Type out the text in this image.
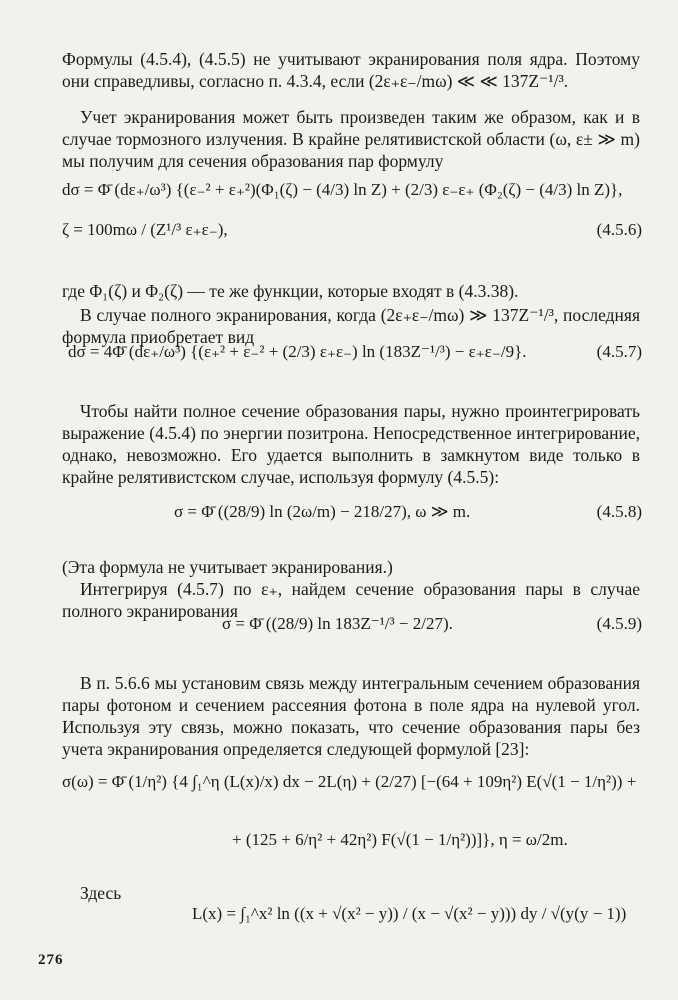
Формулы (4.5.4), (4.5.5) не учитывают экранирования поля ядра. Поэтому они справедливы, согласно п. 4.3.4, если (2ε₊ε₋/mω) ≪ ≪ 137Z⁻¹/³.

Учет экранирования может быть произведен таким же образом, как и в случае тормозного излучения. В крайне релятивистской области (ω, ε± ≫ m) мы получим для сечения образования пар формулу

dσ = Φ̄ (dε₊/ω³) {(ε₋² + ε₊²)(Φ₁(ζ) − (4/3) ln Z) + (2/3) ε₋ε₊ (Φ₂(ζ) − (4/3) ln Z)},
ζ = 100mω / (Z¹/³ ε₊ε₋),	(4.5.6)

где Φ₁(ζ) и Φ₂(ζ) — те же функции, которые входят в (4.3.38).

В случае полного экранирования, когда (2ε₊ε₋/mω) ≫ 137Z⁻¹/³, последняя формула приобретает вид

dσ = 4Φ̄ (dε₊/ω³) {(ε₊² + ε₋² + (2/3) ε₊ε₋) ln (183Z⁻¹/³) − ε₊ε₋/9}.	(4.5.7)

Чтобы найти полное сечение образования пары, нужно проинтегрировать выражение (4.5.4) по энергии позитрона. Непосредственное интегрирование, однако, невозможно. Его удается выполнить в замкнутом виде только в крайне релятивистском случае, используя формулу (4.5.5):

σ = Φ̄ ((28/9) ln (2ω/m) − 218/27), ω ≫ m.	(4.5.8)

(Эта формула не учитывает экранирования.)

Интегрируя (4.5.7) по ε₊, найдем сечение образования пары в случае полного экранирования

σ = Φ̄ ((28/9) ln 183Z⁻¹/³ − 2/27).	(4.5.9)

В п. 5.6.6 мы установим связь между интегральным сечением образования пары фотоном и сечением рассеяния фотона в поле ядра на нулевой угол. Используя эту связь, можно показать, что сечение образования пары без учета экранирования определяется следующей формулой [23]:

σ(ω) = Φ̄ (1/η²) {4 ∫₁^η (L(x)/x) dx − 2L(η) + (2/27) [−(64 + 109η²) E(√(1 − 1/η²)) +
+ (125 + 6/η² + 42η²) F(√(1 − 1/η²))]}, η = ω/2m.

Здесь

L(x) = ∫₁^x² ln ((x + √(x² − y)) / (x − √(x² − y))) dy / √(y(y − 1))
276
